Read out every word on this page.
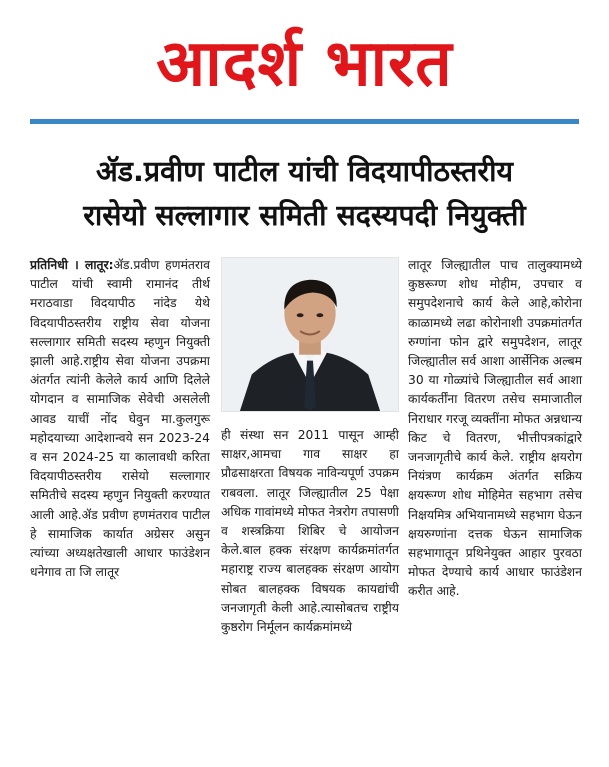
आदर्श भारत
ॲड.प्रवीण पाटील यांची विदयापीठस्तरीय
रासेयो सल्लागार समिती सदस्यपदी नियुक्ती
प्रतिनिधी । लातूर:ॲड.प्रवीण हणमंतराव पाटील यांची स्वामी रामानंद तीर्थ मराठवाडा विदयापीठ नांदेड येथे विदयापीठस्तरीय राष्ट्रीय सेवा योजना सल्लागार समिती सदस्य म्हणुन नियुक्ती झाली आहे.राष्ट्रीय सेवा योजना उपक्रमा अंतर्गत त्यांनी केलेले कार्य आणि दिलेले योगदान व सामाजिक सेवेची असलेली आवड याचीं नोंद घेवुन मा.कुलगुरू महोदयाच्या आदेशान्वये सन 2023-24 व सन 2024-25 या कालावधी करिता विदयापीठस्तरीय रासेयो सल्लागार समितीचे सदस्य म्हणुन नियुक्ती करण्यात आली आहे.ॲड प्रवीण हणमंतराव पाटील हे सामाजिक कार्यात अग्रेसर असुन त्यांच्या अध्यक्षतेखाली आधार फाउंडेशन धनेगाव ता जि लातूर
ही संस्था सन 2011 पासून आम्ही साक्षर,आमचा गाव साक्षर हा प्रौढसाक्षरता विषयक नाविन्यपूर्ण उपक्रम राबवला. लातूर जिल्ह्यातील 25 पेक्षा अधिक गावांमध्ये मोफत नेत्ररोग तपासणी व शस्त्रक्रिया शिबिर चे आयोजन केले.बाल हक्क संरक्षण कार्यक्रमांतर्गत महाराष्ट्र राज्य बालहक्क संरक्षण आयोग सोबत बालहक्क विषयक कायद्यांची जनजागृती केली आहे.त्यासोबतच राष्ट्रीय कुष्ठरोग निर्मूलन कार्यक्रमांमध्ये
लातूर जिल्ह्यातील पाच तालुक्यामध्ये कुष्ठरूग्ण शोध मोहीम, उपचार व समुपदेशनाचे कार्य केले आहे,कोरोना काळामध्ये लढा कोरोनाशी उपक्रमांतर्गत रुग्णांना फोन द्वारे समुपदेशन, लातूर जिल्ह्यातील सर्व आशा आर्सेनिक अल्बम 30 या गोळ्यांचे जिल्ह्यातील सर्व आशा कार्यकर्तींना वितरण तसेच समाजातील निराधार गरजू व्यक्तींना मोफत अन्नधान्य किट चे वितरण, भीत्तीपत्रकांद्वारे जनजागृतीचे कार्य केले. राष्ट्रीय क्षयरोग नियंत्रण कार्यक्रम अंतर्गत सक्रिय क्षयरूग्ण शोध मोहिमेत सहभाग तसेच निक्षयमित्र अभियानामध्ये सहभाग घेऊन क्षयरुग्णांना दत्तक घेऊन सामाजिक सहभागातून प्रथिनेयुक्त आहार पुरवठा मोफत देण्याचे कार्य आधार फाउंडेशन करीत आहे.
